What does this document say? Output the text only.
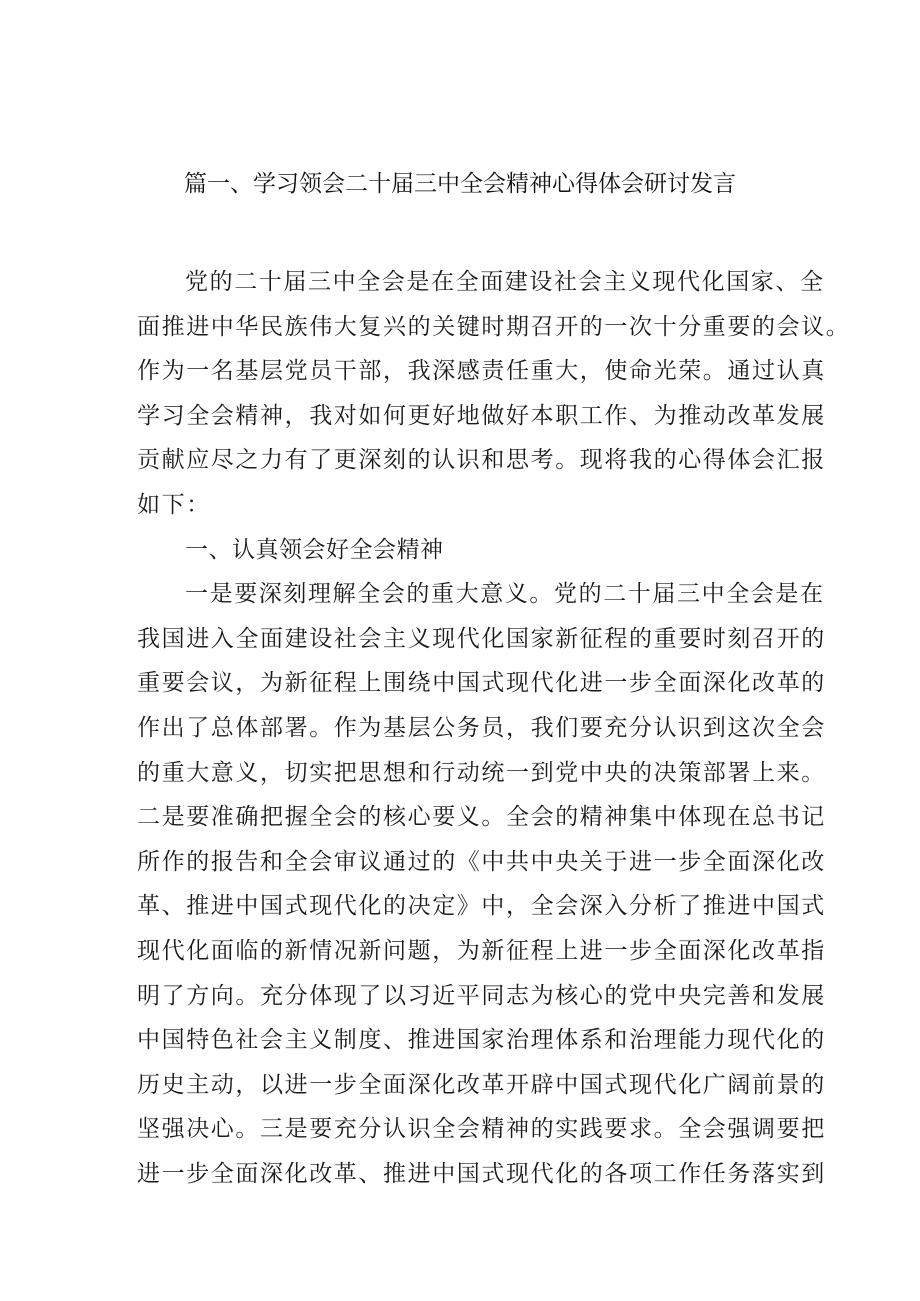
篇一、学习领会二十届三中全会精神心得体会研讨发言
党的二十届三中全会是在全面建设社会主义现代化国家、全
面推进中华民族伟大复兴的关键时期召开的一次十分重要的会议。
作为一名基层党员干部，我深感责任重大，使命光荣。通过认真
学习全会精神，我对如何更好地做好本职工作、为推动改革发展
贡献应尽之力有了更深刻的认识和思考。现将我的心得体会汇报
如下：
一、认真领会好全会精神
一是要深刻理解全会的重大意义。党的二十届三中全会是在
我国进入全面建设社会主义现代化国家新征程的重要时刻召开的
重要会议，为新征程上围绕中国式现代化进一步全面深化改革的
作出了总体部署。作为基层公务员，我们要充分认识到这次全会
的重大意义，切实把思想和行动统一到党中央的决策部署上来。
二是要准确把握全会的核心要义。全会的精神集中体现在总书记
所作的报告和全会审议通过的《中共中央关于进一步全面深化改
革、推进中国式现代化的决定》中，全会深入分析了推进中国式
现代化面临的新情况新问题，为新征程上进一步全面深化改革指
明了方向。充分体现了以习近平同志为核心的党中央完善和发展
中国特色社会主义制度、推进国家治理体系和治理能力现代化的
历史主动，以进一步全面深化改革开辟中国式现代化广阔前景的
坚强决心。三是要充分认识全会精神的实践要求。全会强调要把
进一步全面深化改革、推进中国式现代化的各项工作任务落实到
